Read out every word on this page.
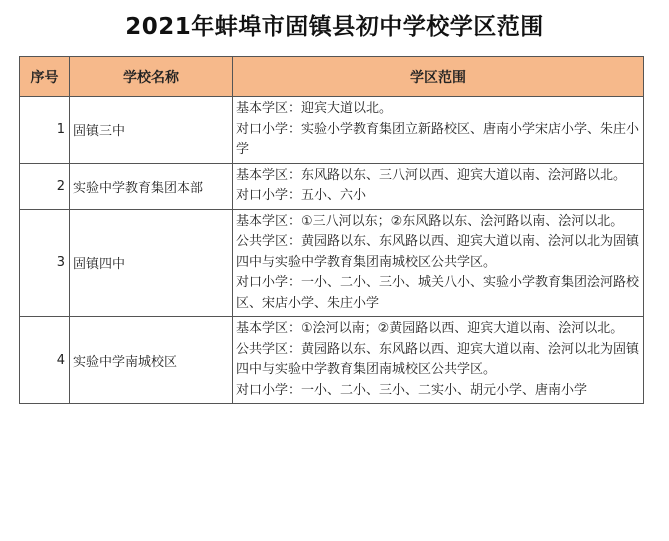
2021年蚌埠市固镇县初中学校学区范围
序号	学校名称	学区范围
1	固镇三中	基本学区：迎宾大道以北。
对口小学：实验小学教育集团立新路校区、唐南小学宋店小学、朱庄小学

2	实验中学教育集团本部	基本学区：东风路以东、三八河以西、迎宾大道以南、浍河路以北。
对口小学：五小、六小

3	固镇四中	基本学区：①三八河以东；②东风路以东、浍河路以南、浍河以北。
公共学区：黄园路以东、东风路以西、迎宾大道以南、浍河以北为固镇四中与实验中学教育集团南城校区公共学区。
对口小学：一小、二小、三小、城关八小、实验小学教育集团浍河路校区、宋店小学、朱庄小学

4	实验中学南城校区	基本学区：①浍河以南；②黄园路以西、迎宾大道以南、浍河以北。
公共学区：黄园路以东、东风路以西、迎宾大道以南、浍河以北为固镇四中与实验中学教育集团南城校区公共学区。
对口小学：一小、二小、三小、二实小、胡元小学、唐南小学
